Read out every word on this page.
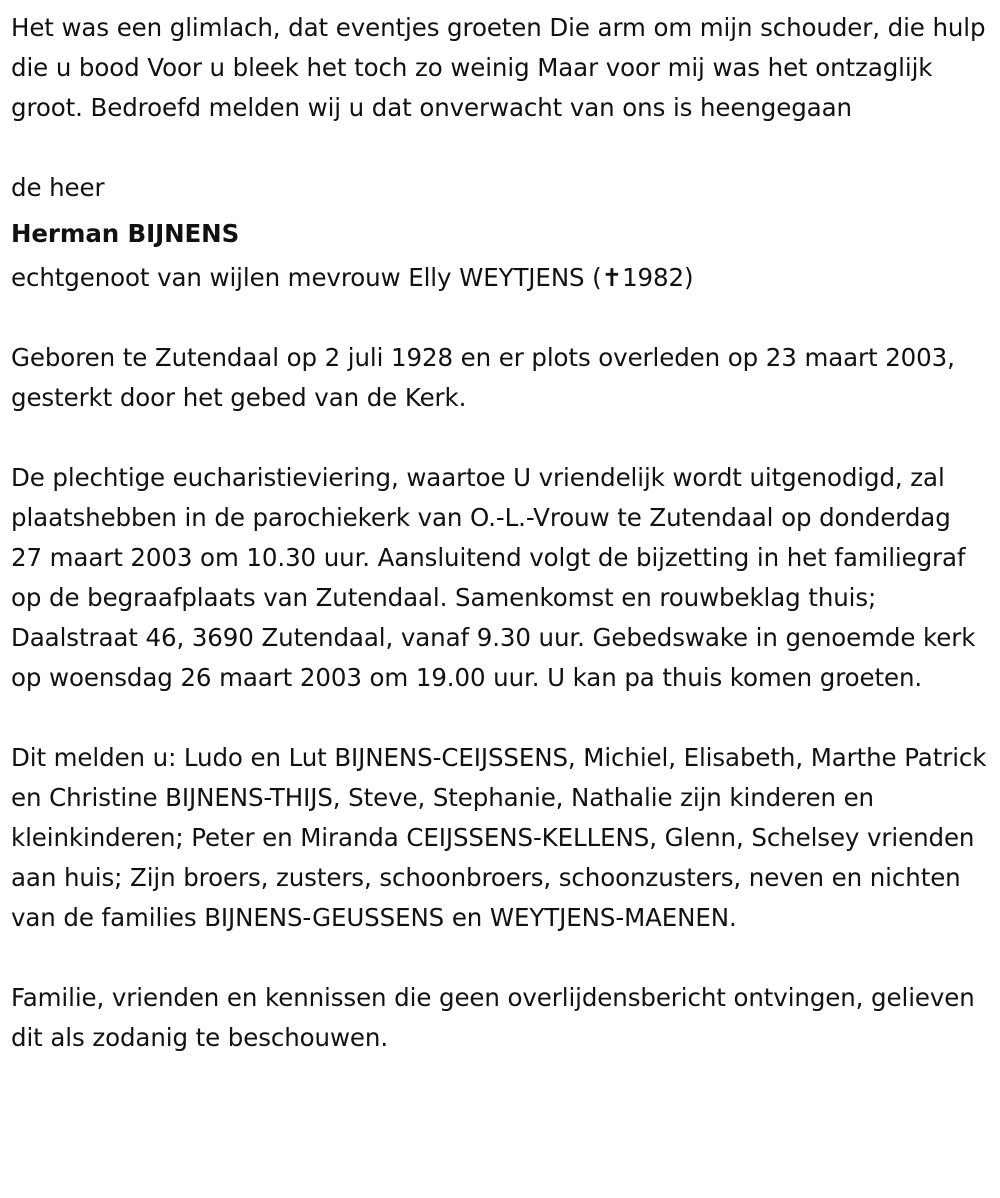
Het was een glimlach, dat eventjes groeten Die arm om mijn schouder, die hulp die u bood Voor u bleek het toch zo weinig Maar voor mij was het ontzaglijk groot. Bedroefd melden wij u dat onverwacht van ons is heengegaan

de heer

Herman BIJNENS

echtgenoot van wijlen mevrouw Elly WEYTJENS (✝1982)

Geboren te Zutendaal op 2 juli 1928 en er plots overleden op 23 maart 2003, gesterkt door het gebed van de Kerk.

De plechtige eucharistieviering, waartoe U vriendelijk wordt uitgenodigd, zal plaatshebben in de parochiekerk van O.-L.-Vrouw te Zutendaal op donderdag 27 maart 2003 om 10.30 uur. Aansluitend volgt de bijzetting in het familiegraf op de begraafplaats van Zutendaal. Samenkomst en rouwbeklag thuis; Daalstraat 46, 3690 Zutendaal, vanaf 9.30 uur. Gebedswake in genoemde kerk op woensdag 26 maart 2003 om 19.00 uur. U kan pa thuis komen groeten.

Dit melden u: Ludo en Lut BIJNENS-CEIJSSENS, Michiel, Elisabeth, Marthe Patrick en Christine BIJNENS-THIJS, Steve, Stephanie, Nathalie zijn kinderen en kleinkinderen; Peter en Miranda CEIJSSENS-KELLENS, Glenn, Schelsey vrienden aan huis; Zijn broers, zusters, schoonbroers, schoonzusters, neven en nichten van de families BIJNENS-GEUSSENS en WEYTJENS-MAENEN.

Familie, vrienden en kennissen die geen overlijdensbericht ontvingen, gelieven dit als zodanig te beschouwen.
